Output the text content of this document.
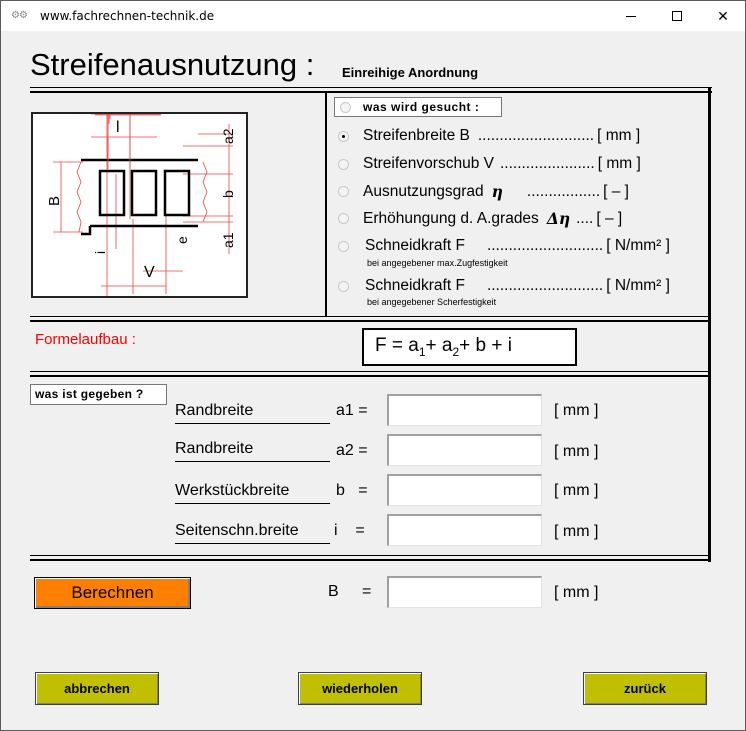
⚙⚙ www.fachrechnen-technik.de	✕
Streifenausnutzung : Einreihige Anordnung
l
a2
B
b
a1
i
e
V
was wird gesucht :
Streifenbreite B ........................... [ mm ]
Streifenvorschub V ...................... [ mm ]
Ausnutzungsgrad η ................. [ – ]
Erhöhungung d. A.grades Δη .... [ – ]
Schneidkraft F ........................... [ N/mm² ]
bei angegebener max.Zugfestigkeit
Schneidkraft F ........................... [ N/mm² ]
bei angegebener Scherfestigkeit
Formelaufbau :	$F = a_1+ a_2+ b + i$
was ist gegeben ?
Randbreite	a1 =	[ mm ]
Randbreite	a2 =	[ mm ]
Werkstückbreite	b   =	[ mm ]
Seitenschn.breite	i    =	[ mm ]
Berechnen	B =	[ mm ]
abbrechen	wiederholen	zurück
